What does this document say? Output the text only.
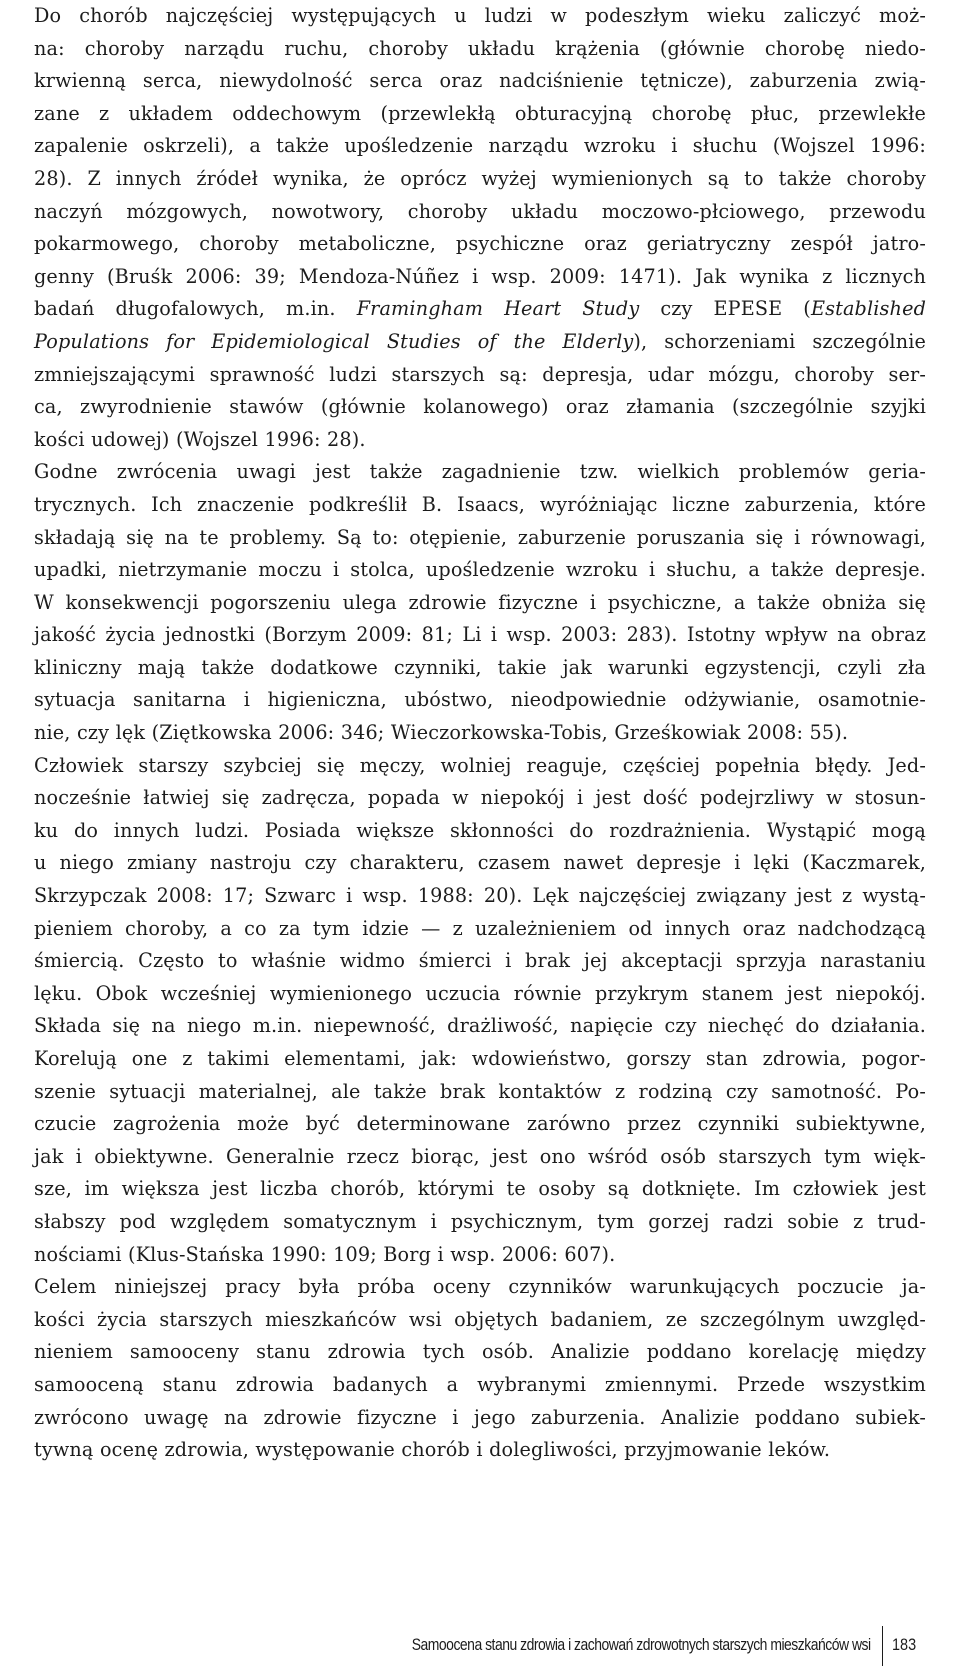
Do chorób najczęściej występujących u ludzi w podeszłym wieku zaliczyć moż-
na: choroby narządu ruchu, choroby układu krążenia (głównie chorobę niedo-
krwienną serca, niewydolność serca oraz nadciśnienie tętnicze), zaburzenia zwią-
zane z układem oddechowym (przewlekłą obturacyjną chorobę płuc, przewlekłe
zapalenie oskrzeli), a także upośledzenie narządu wzroku i słuchu (Wojszel 1996:
28). Z innych źródeł wynika, że oprócz wyżej wymienionych są to także choroby
naczyń mózgowych, nowotwory, choroby układu moczowo-płciowego, przewodu
pokarmowego, choroby metaboliczne, psychiczne oraz geriatryczny zespół jatro-
genny (Bruśk 2006: 39; Mendoza-Núñez i wsp. 2009: 1471). Jak wynika z licznych
badań długofalowych, m.in. Framingham Heart Study czy EPESE (Established
Populations for Epidemiological Studies of the Elderly), schorzeniami szczególnie
zmniejszającymi sprawność ludzi starszych są: depresja, udar mózgu, choroby ser-
ca, zwyrodnienie stawów (głównie kolanowego) oraz złamania (szczególnie szyjki
kości udowej) (Wojszel 1996: 28).
Godne zwrócenia uwagi jest także zagadnienie tzw. wielkich problemów geria-
trycznych. Ich znaczenie podkreślił B. Isaacs, wyróżniając liczne zaburzenia, które
składają się na te problemy. Są to: otępienie, zaburzenie poruszania się i równowagi,
upadki, nietrzymanie moczu i stolca, upośledzenie wzroku i słuchu, a także depresje.
W konsekwencji pogorszeniu ulega zdrowie fizyczne i psychiczne, a także obniża się
jakość życia jednostki (Borzym 2009: 81; Li i wsp. 2003: 283). Istotny wpływ na obraz
kliniczny mają także dodatkowe czynniki, takie jak warunki egzystencji, czyli zła
sytuacja sanitarna i higieniczna, ubóstwo, nieodpowiednie odżywianie, osamotnie-
nie, czy lęk (Ziętkowska 2006: 346; Wieczorkowska-Tobis, Grześkowiak 2008: 55).
Człowiek starszy szybciej się męczy, wolniej reaguje, częściej popełnia błędy. Jed-
nocześnie łatwiej się zadręcza, popada w niepokój i jest dość podejrzliwy w stosun-
ku do innych ludzi. Posiada większe skłonności do rozdrażnienia. Wystąpić mogą
u niego zmiany nastroju czy charakteru, czasem nawet depresje i lęki (Kaczmarek,
Skrzypczak 2008: 17; Szwarc i wsp. 1988: 20). Lęk najczęściej związany jest z wystą-
pieniem choroby, a co za tym idzie — z uzależnieniem od innych oraz nadchodzącą
śmiercią. Często to właśnie widmo śmierci i brak jej akceptacji sprzyja narastaniu
lęku. Obok wcześniej wymienionego uczucia równie przykrym stanem jest niepokój.
Składa się na niego m.in. niepewność, drażliwość, napięcie czy niechęć do działania.
Korelują one z takimi elementami, jak: wdowieństwo, gorszy stan zdrowia, pogor-
szenie sytuacji materialnej, ale także brak kontaktów z rodziną czy samotność. Po-
czucie zagrożenia może być determinowane zarówno przez czynniki subiektywne,
jak i obiektywne. Generalnie rzecz biorąc, jest ono wśród osób starszych tym więk-
sze, im większa jest liczba chorób, którymi te osoby są dotknięte. Im człowiek jest
słabszy pod względem somatycznym i psychicznym, tym gorzej radzi sobie z trud-
nościami (Klus-Stańska 1990: 109; Borg i wsp. 2006: 607).
Celem niniejszej pracy była próba oceny czynników warunkujących poczucie ja-
kości życia starszych mieszkańców wsi objętych badaniem, ze szczególnym uwzględ-
nieniem samooceny stanu zdrowia tych osób. Analizie poddano korelację między
samooceną stanu zdrowia badanych a wybranymi zmiennymi. Przede wszystkim
zwrócono uwagę na zdrowie fizyczne i jego zaburzenia. Analizie poddano subiek-
tywną ocenę zdrowia, występowanie chorób i dolegliwości, przyjmowanie leków.
Samoocena stanu zdrowia i zachowań zdrowotnych starszych mieszkańców wsi 183
